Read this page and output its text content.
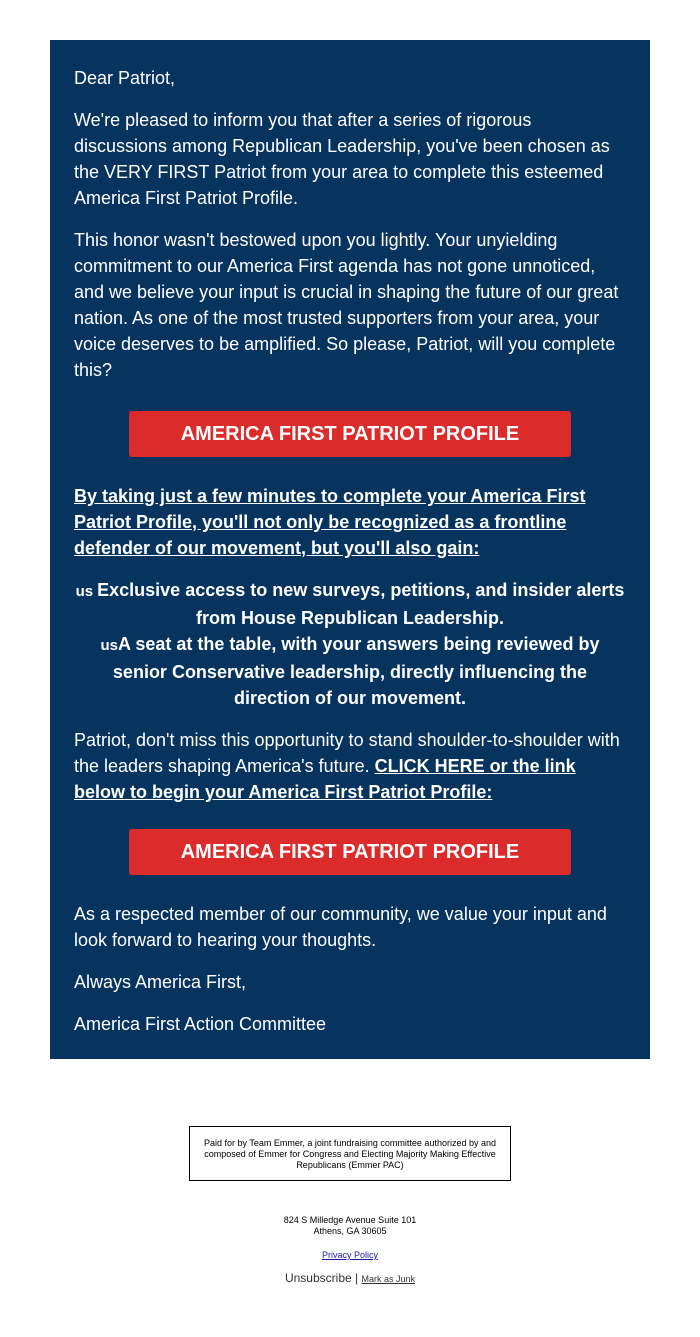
Dear Patriot,

We're pleased to inform you that after a series of rigorous discussions among Republican Leadership, you've been chosen as the VERY FIRST Patriot from your area to complete this esteemed America First Patriot Profile.

This honor wasn't bestowed upon you lightly. Your unyielding commitment to our America First agenda has not gone unnoticed, and we believe your input is crucial in shaping the future of our great nation. As one of the most trusted supporters from your area, your voice deserves to be amplified. So please, Patriot, will you complete this?

AMERICA FIRST PATRIOT PROFILE

By taking just a few minutes to complete your America First Patriot Profile, you'll not only be recognized as a frontline defender of our movement, but you'll also gain:

us Exclusive access to new surveys, petitions, and insider alerts from House Republican Leadership.
usA seat at the table, with your answers being reviewed by senior Conservative leadership, directly influencing the direction of our movement.

Patriot, don't miss this opportunity to stand shoulder-to-shoulder with the leaders shaping America's future. CLICK HERE or the link below to begin your America First Patriot Profile:

AMERICA FIRST PATRIOT PROFILE

As a respected member of our community, we value your input and look forward to hearing your thoughts.

Always America First,

America First Action Committee

Paid for by Team Emmer, a joint fundraising committee authorized by and composed of Emmer for Congress and Electing Majority Making Effective Republicans (Emmer PAC)
824 S Milledge Avenue Suite 101
Athens, GA 30605
Privacy Policy
Unsubscribe | Mark as Junk
